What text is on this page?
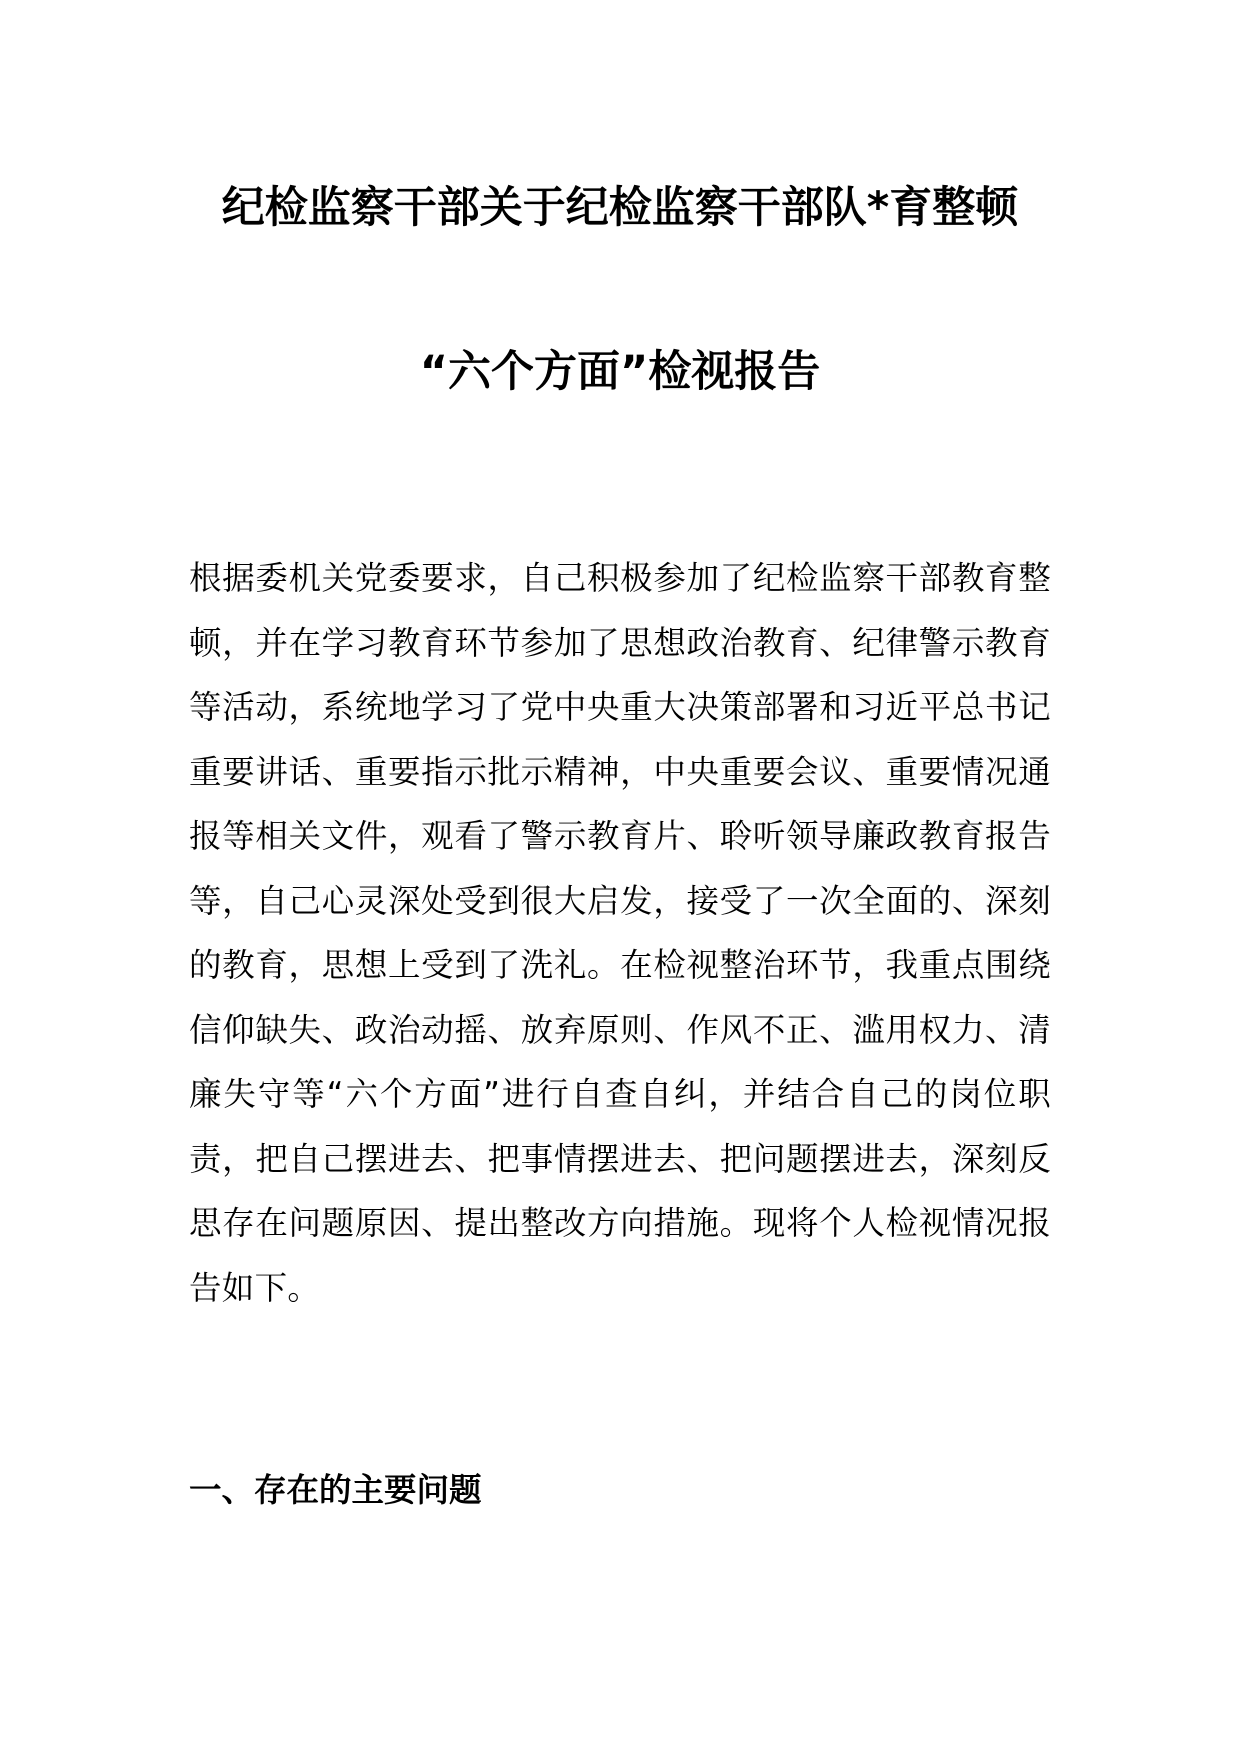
纪检监察干部关于纪检监察干部队*育整顿
“六个方面”检视报告

根据委机关党委要求，自己积极参加了纪检监察干部教育整顿，并在学习教育环节参加了思想政治教育、纪律警示教育等活动，系统地学习了党中央重大决策部署和习近平总书记重要讲话、重要指示批示精神，中央重要会议、重要情况通报等相关文件，观看了警示教育片、聆听领导廉政教育报告等，自己心灵深处受到很大启发，接受了一次全面的、深刻的教育，思想上受到了洗礼。在检视整治环节，我重点围绕信仰缺失、政治动摇、放弃原则、作风不正、滥用权力、清廉失守等“六个方面”进行自查自纠，并结合自己的岗位职责，把自己摆进去、把事情摆进去、把问题摆进去，深刻反思存在问题原因、提出整改方向措施。现将个人检视情况报告如下。

一、存在的主要问题
